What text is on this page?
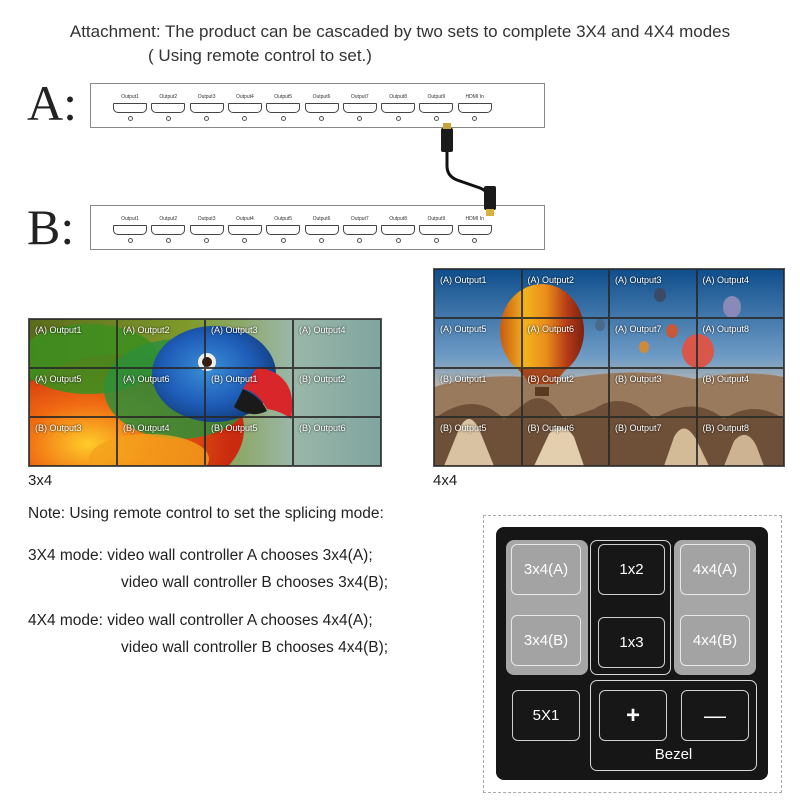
Attachment: The product can be cascaded by two sets to complete 3X4 and 4X4 modes
( Using remote control to set.)
A:	Output1	Output2	Output3	Output4	Output5	Output6	Output7	Output8	Output9	HDMI In
B:	Output1	Output2	Output3	Output4	Output5	Output6	Output7	Output8	Output9	HDMI In
(A) Output1	(A) Output2	(A) Output3	(A) Output4
(A) Output5	(A) Output6	(B) Output1	(B) Output2
(B) Output3	(B) Output4	(B) Output5	(B) Output6
3x4
(A) Output1	(A) Output2	(A) Output3	(A) Output4
(A) Output5	(A) Output6	(A) Output7	(A) Output8
(B) Output1	(B) Output2	(B) Output3	(B) Output4
(B) Output5	(B) Output6	(B) Output7	(B) Output8
4x4
Note: Using remote control to set the splicing mode:
3X4 mode: video wall controller A chooses 3x4(A);
video wall controller B chooses 3x4(B);
4X4 mode: video wall controller A chooses 4x4(A);
video wall controller B chooses 4x4(B);
3x4(A)
3x4(B)
1x2
1x3
4x4(A)
4x4(B)
5X1	+	—
Bezel
